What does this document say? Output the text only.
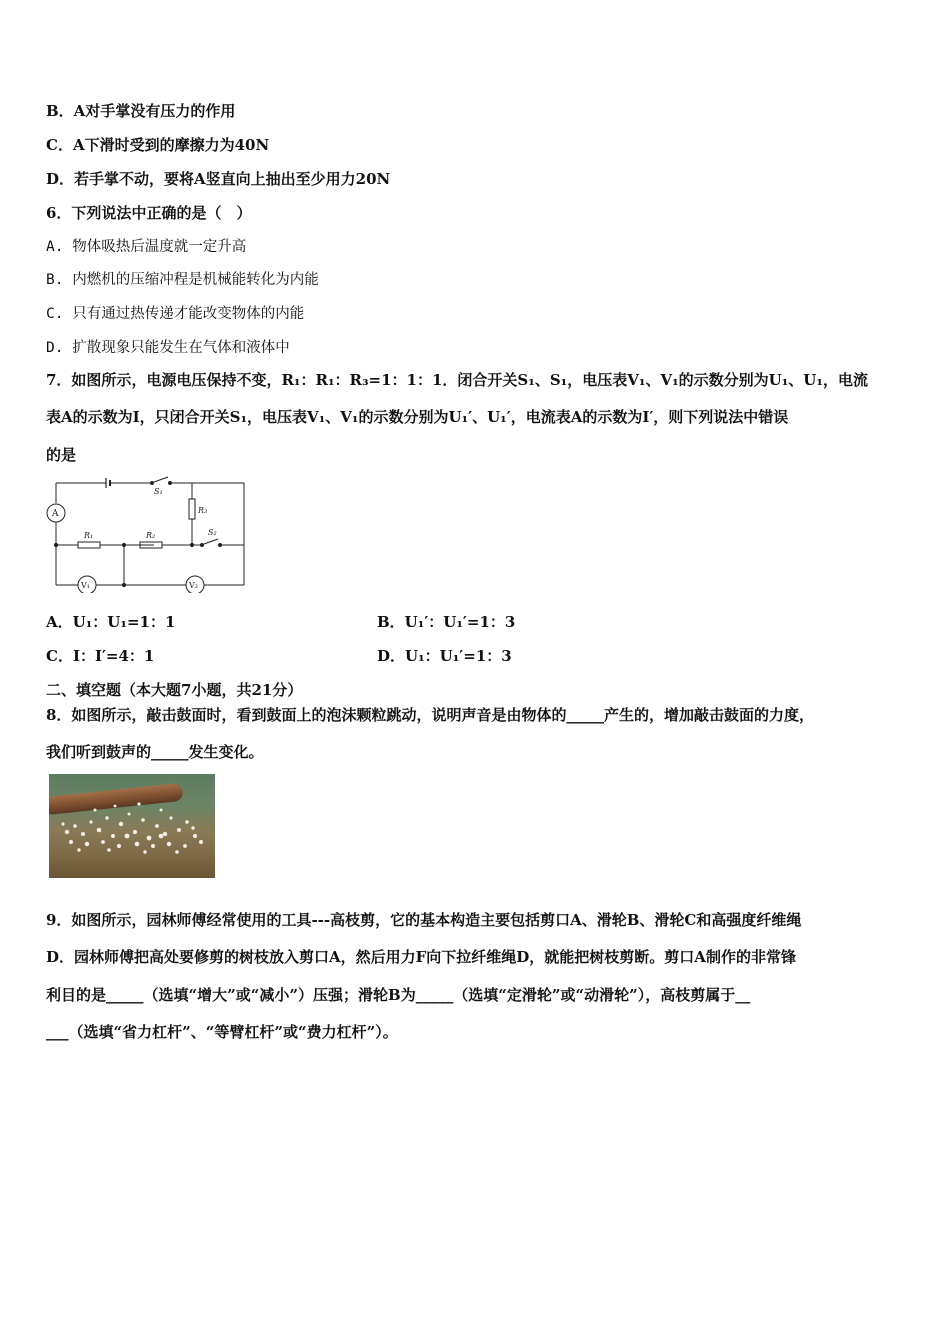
B．A对手掌没有压力的作用
C．A下滑时受到的摩擦力为40N
D．若手掌不动，要将A竖直向上抽出至少用力20N
6．下列说法中正确的是（　）
A. 物体吸热后温度就一定升高
B. 内燃机的压缩冲程是机械能转化为内能
C. 只有通过热传递才能改变物体的内能
D. 扩散现象只能发生在气体和液体中
7．如图所示，电源电压保持不变，R₁：R₁：R₃=1：1：1．闭合开关S₁、S₁，电压表V₁、V₁的示数分别为U₁、U₁，电流
表A的示数为I，只闭合开关S₁，电压表V₁、V₁的示数分别为U₁′、U₁′，电流表A的示数为I′，则下列说法中错误
的是
A
S₁
R₃
S₂
R₁	R₂
V₁	V₂
A．U₁：U₁=1：1	B．U₁′：U₁′=1：3
C．I：I′=4：1	D．U₁：U₁′=1：3
二、填空题（本大题7小题，共21分）
8．如图所示，敲击鼓面时，看到鼓面上的泡沫颗粒跳动，说明声音是由物体的_____产生的，增加敲击鼓面的力度，
我们听到鼓声的_____发生变化。
9．如图所示，园林师傅经常使用的工具---高枝剪，它的基本构造主要包括剪口A、滑轮B、滑轮C和高强度纤维绳
D．园林师傅把高处要修剪的树枝放入剪口A，然后用力F向下拉纤维绳D，就能把树枝剪断。剪口A制作的非常锋
利目的是_____（选填“增大”或“减小”）压强；滑轮B为_____（选填“定滑轮”或“动滑轮”），高枝剪属于__
___（选填“省力杠杆”、“等臂杠杆”或“费力杠杆”）。
